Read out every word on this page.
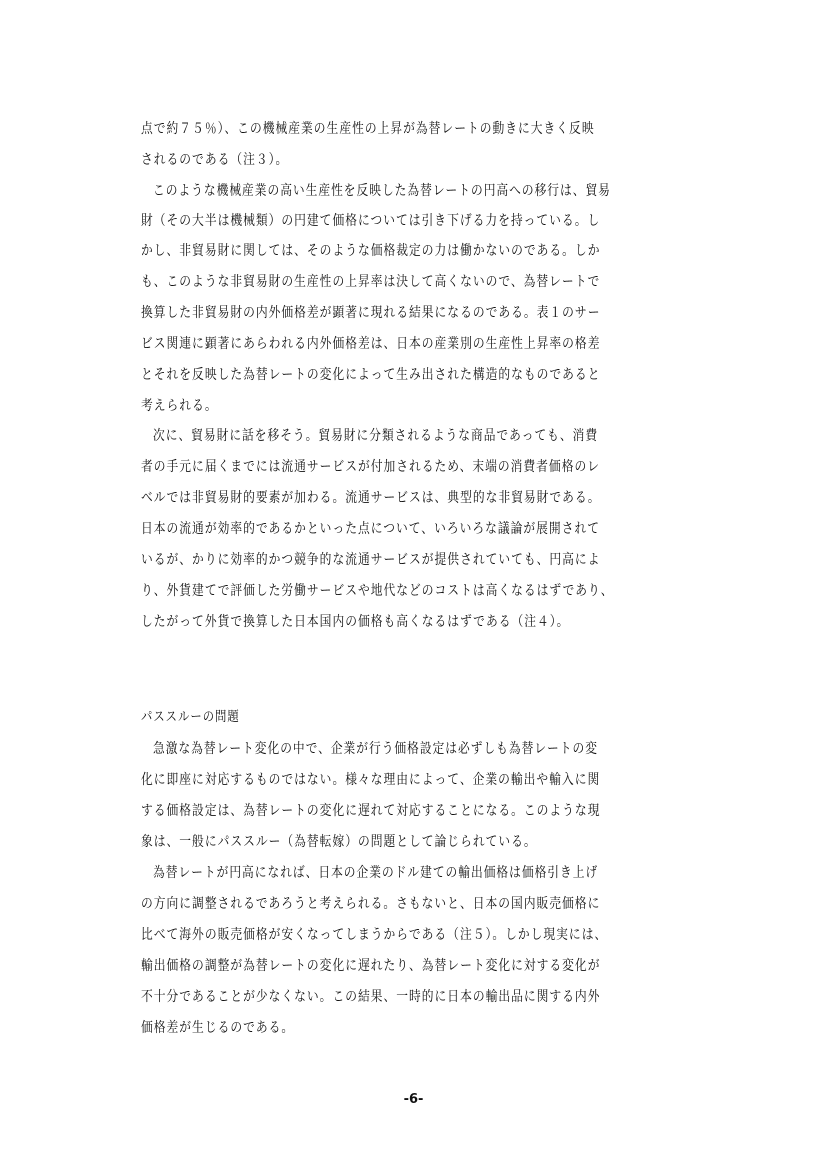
点で約７５％）、この機械産業の生産性の上昇が為替レートの動きに大きく反映
されるのである（注３）。
このような機械産業の高い生産性を反映した為替レートの円高への移行は、貿易
財（その大半は機械類）の円建て価格については引き下げる力を持っている。し
かし、非貿易財に関しては、そのような価格裁定の力は働かないのである。しか
も、このような非貿易財の生産性の上昇率は決して高くないので、為替レートで
換算した非貿易財の内外価格差が顕著に現れる結果になるのである。表１のサー
ビス関連に顕著にあらわれる内外価格差は、日本の産業別の生産性上昇率の格差
とそれを反映した為替レートの変化によって生み出された構造的なものであると
考えられる。
次に、貿易財に話を移そう。貿易財に分類されるような商品であっても、消費
者の手元に届くまでには流通サービスが付加されるため、末端の消費者価格のレ
ベルでは非貿易財的要素が加わる。流通サービスは、典型的な非貿易財である。
日本の流通が効率的であるかといった点について、いろいろな議論が展開されて
いるが、かりに効率的かつ競争的な流通サービスが提供されていても、円高によ
り、外貨建てで評価した労働サービスや地代などのコストは高くなるはずであり、
したがって外貨で換算した日本国内の価格も高くなるはずである（注４）。
パススルーの問題
急激な為替レート変化の中で、企業が行う価格設定は必ずしも為替レートの変
化に即座に対応するものではない。様々な理由によって、企業の輸出や輸入に関
する価格設定は、為替レートの変化に遅れて対応することになる。このような現
象は、一般にパススルー（為替転嫁）の問題として論じられている。
為替レートが円高になれば、日本の企業のドル建ての輸出価格は価格引き上げ
の方向に調整されるであろうと考えられる。さもないと、日本の国内販売価格に
比べて海外の販売価格が安くなってしまうからである（注５）。しかし現実には、
輸出価格の調整が為替レートの変化に遅れたり、為替レート変化に対する変化が
不十分であることが少なくない。この結果、一時的に日本の輸出品に関する内外
価格差が生じるのである。
-6-
